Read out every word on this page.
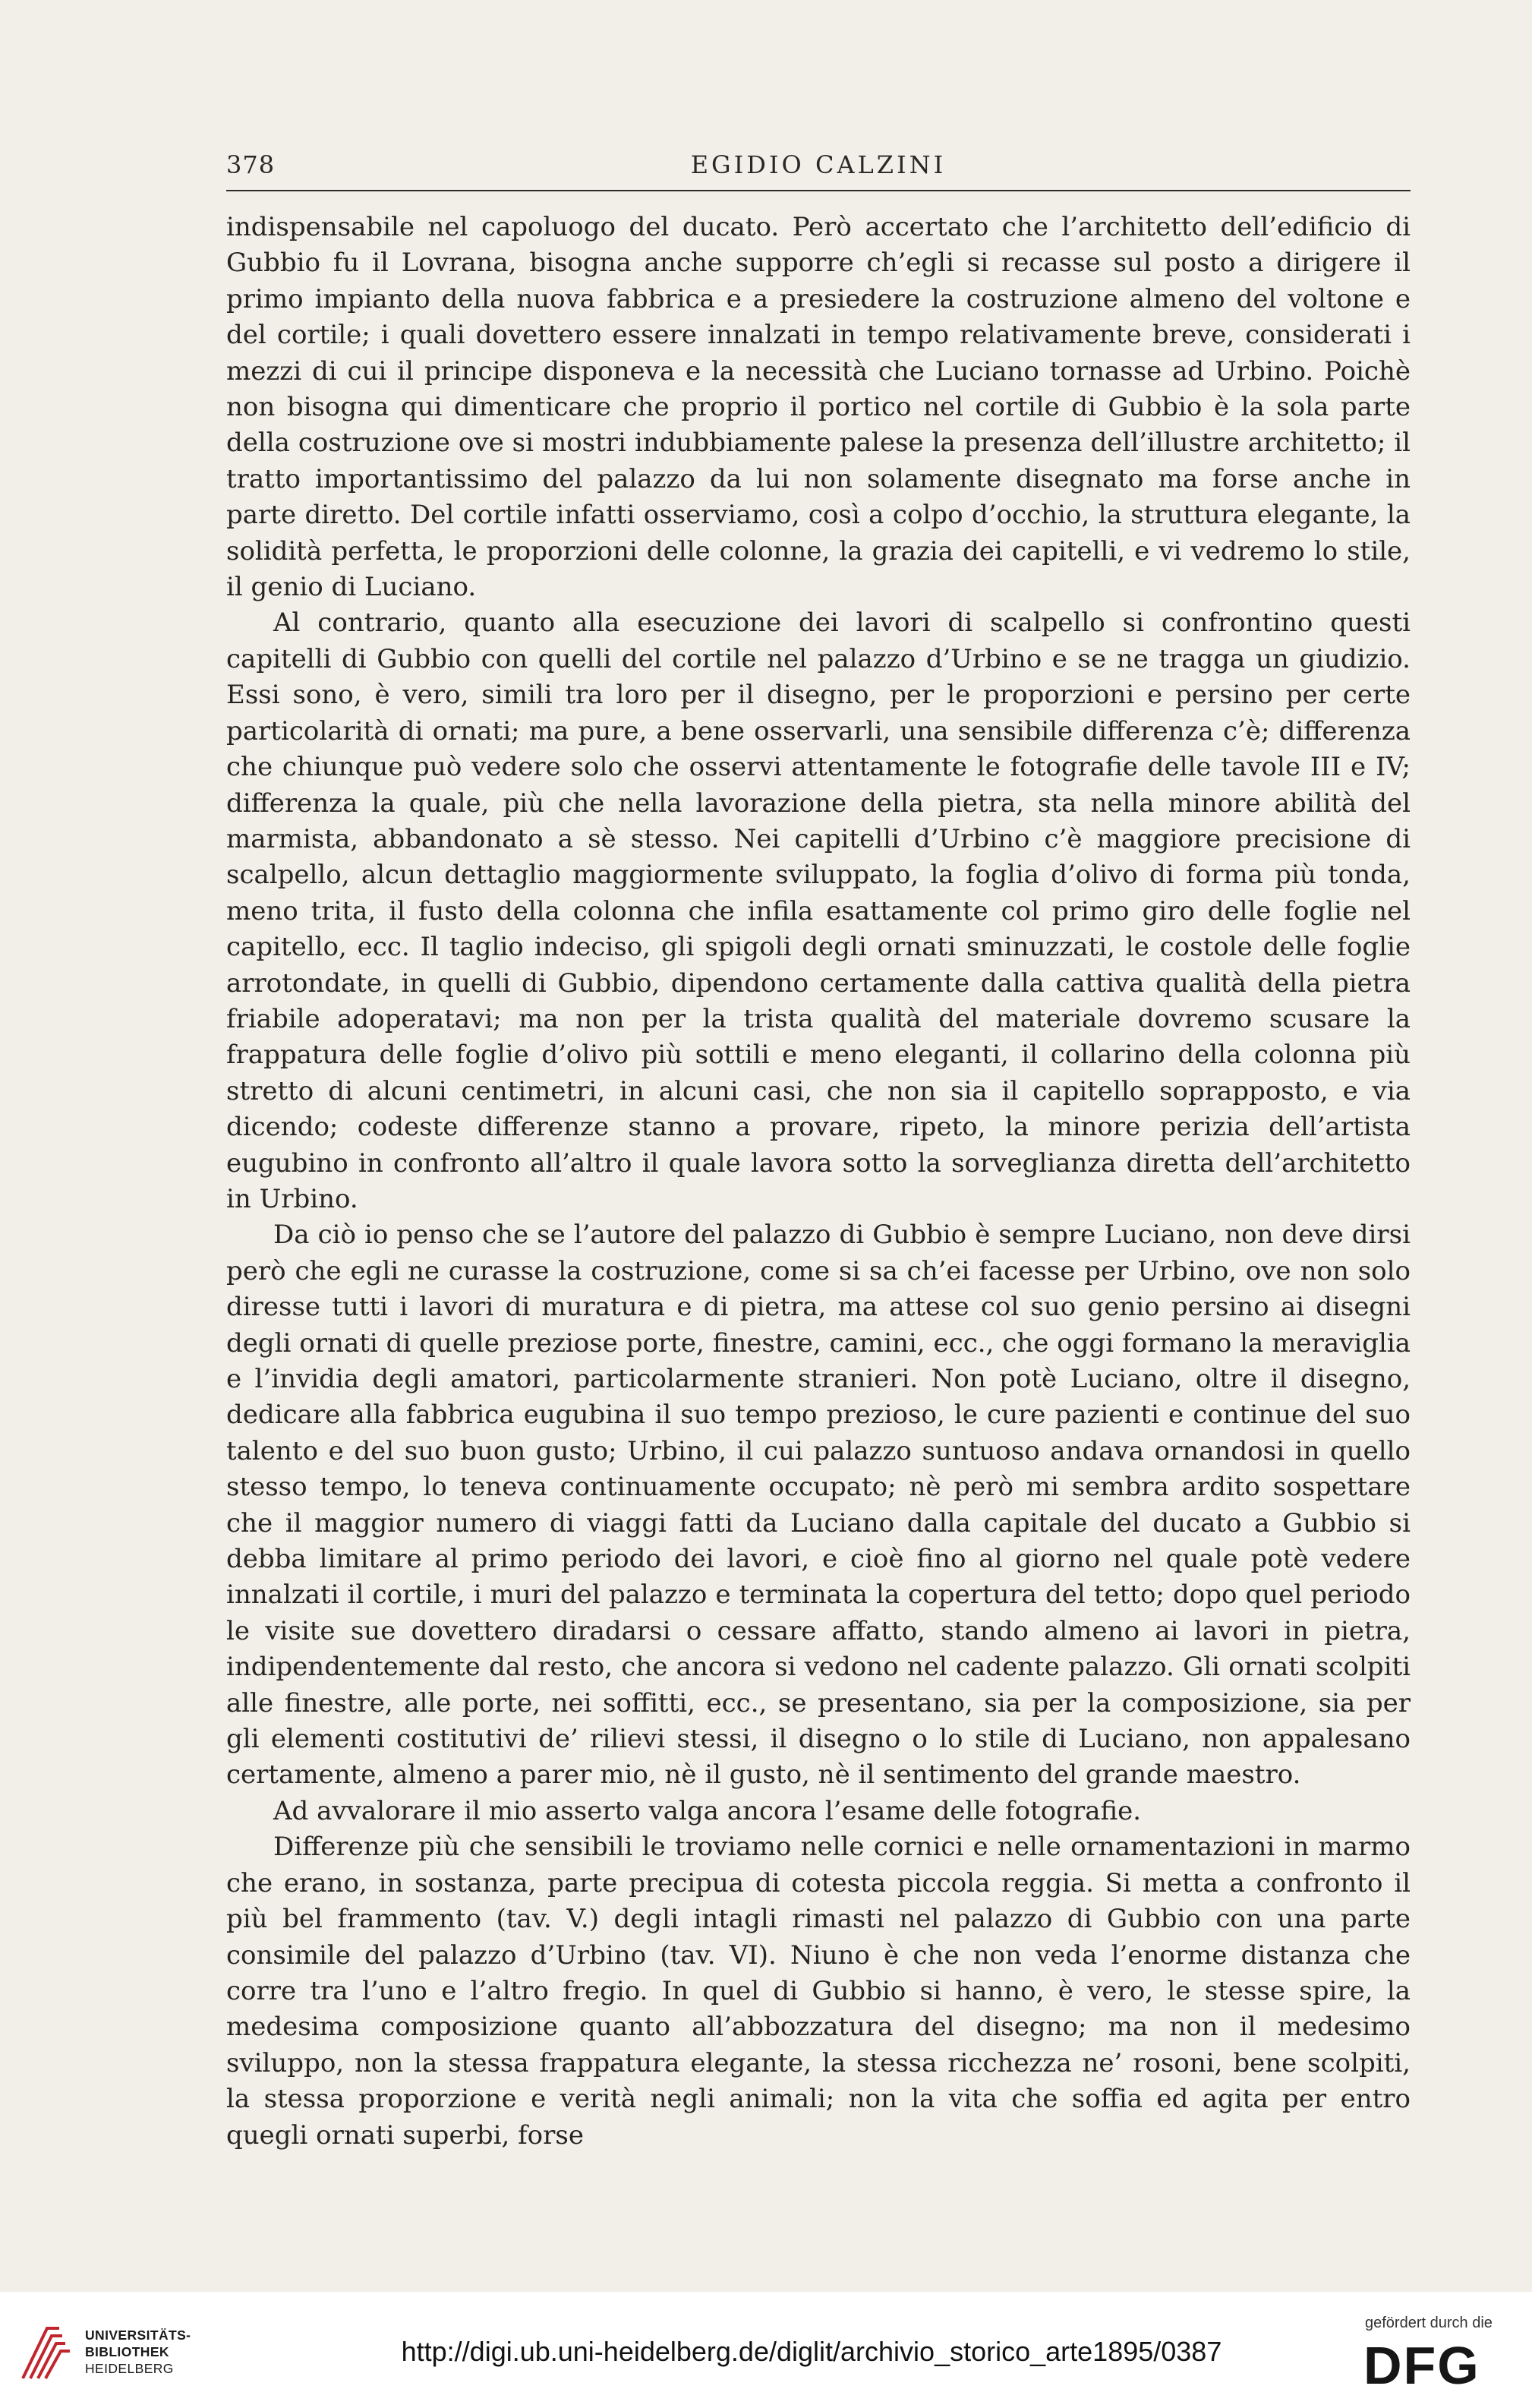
378	EGIDIO CALZINI

indispensabile nel capoluogo del ducato. Però accertato che l’architetto dell’edificio di Gubbio fu il Lovrana, bisogna anche supporre ch’egli si recasse sul posto a dirigere il primo impianto della nuova fabbrica e a presiedere la costruzione almeno del voltone e del cortile; i quali dovettero essere innalzati in tempo relativamente breve, considerati i mezzi di cui il principe disponeva e la necessità che Luciano tornasse ad Urbino. Poichè non bisogna qui dimenticare che proprio il portico nel cortile di Gubbio è la sola parte della costruzione ove si mostri indubbiamente palese la presenza dell’illustre architetto; il tratto importantissimo del palazzo da lui non solamente disegnato ma forse anche in parte diretto. Del cortile infatti osserviamo, così a colpo d’occhio, la struttura elegante, la solidità perfetta, le proporzioni delle colonne, la grazia dei capitelli, e vi vedremo lo stile, il genio di Luciano.

Al contrario, quanto alla esecuzione dei lavori di scalpello si confrontino questi capitelli di Gubbio con quelli del cortile nel palazzo d’Urbino e se ne tragga un giudizio. Essi sono, è vero, simili tra loro per il disegno, per le proporzioni e persino per certe particolarità di ornati; ma pure, a bene osservarli, una sensibile differenza c’è; differenza che chiunque può vedere solo che osservi attentamente le fotografie delle tavole III e IV; differenza la quale, più che nella lavorazione della pietra, sta nella minore abilità del marmista, abbandonato a sè stesso. Nei capitelli d’Urbino c’è maggiore precisione di scalpello, alcun dettaglio maggiormente sviluppato, la foglia d’olivo di forma più tonda, meno trita, il fusto della colonna che infila esattamente col primo giro delle foglie nel capitello, ecc. Il taglio indeciso, gli spigoli degli ornati sminuzzati, le costole delle foglie arrotondate, in quelli di Gubbio, dipendono certamente dalla cattiva qualità della pietra friabile adoperatavi; ma non per la trista qualità del materiale dovremo scusare la frappatura delle foglie d’olivo più sottili e meno eleganti, il collarino della colonna più stretto di alcuni centimetri, in alcuni casi, che non sia il capitello soprapposto, e via dicendo; codeste differenze stanno a provare, ripeto, la minore perizia dell’artista eugubino in confronto all’altro il quale lavora sotto la sorveglianza diretta dell’architetto in Urbino.

Da ciò io penso che se l’autore del palazzo di Gubbio è sempre Luciano, non deve dirsi però che egli ne curasse la costruzione, come si sa ch’ei facesse per Urbino, ove non solo diresse tutti i lavori di muratura e di pietra, ma attese col suo genio persino ai disegni degli ornati di quelle preziose porte, finestre, camini, ecc., che oggi formano la meraviglia e l’invidia degli amatori, particolarmente stranieri. Non potè Luciano, oltre il disegno, dedicare alla fabbrica eugubina il suo tempo prezioso, le cure pazienti e continue del suo talento e del suo buon gusto; Urbino, il cui palazzo suntuoso andava ornandosi in quello stesso tempo, lo teneva continuamente occupato; nè però mi sembra ardito sospettare che il maggior numero di viaggi fatti da Luciano dalla capitale del ducato a Gubbio si debba limitare al primo periodo dei lavori, e cioè fino al giorno nel quale potè vedere innalzati il cortile, i muri del palazzo e terminata la copertura del tetto; dopo quel periodo le visite sue dovettero diradarsi o cessare affatto, stando almeno ai lavori in pietra, indipendentemente dal resto, che ancora si vedono nel cadente palazzo. Gli ornati scolpiti alle finestre, alle porte, nei soffitti, ecc., se presentano, sia per la composizione, sia per gli elementi costitutivi de’ rilievi stessi, il disegno o lo stile di Luciano, non appalesano certamente, almeno a parer mio, nè il gusto, nè il sentimento del grande maestro.

Ad avvalorare il mio asserto valga ancora l’esame delle fotografie.

Differenze più che sensibili le troviamo nelle cornici e nelle ornamentazioni in marmo che erano, in sostanza, parte precipua di cotesta piccola reggia. Si metta a confronto il più bel frammento (tav. V.) degli intagli rimasti nel palazzo di Gubbio con una parte consimile del palazzo d’Urbino (tav. VI). Niuno è che non veda l’enorme distanza che corre tra l’uno e l’altro fregio. In quel di Gubbio si hanno, è vero, le stesse spire, la medesima composizione quanto all’abbozzatura del disegno; ma non il medesimo sviluppo, non la stessa frappatura elegante, la stessa ricchezza ne’ rosoni, bene scolpiti, la stessa proporzione e verità negli animali; non la vita che soffia ed agita per entro quegli ornati superbi, forse

UNIVERSITÄTS-
BIBLIOTHEK
HEIDELBERG
http://digi.ub.uni-heidelberg.de/diglit/archivio_storico_arte1895/0387
gefördert durch die
DFG
